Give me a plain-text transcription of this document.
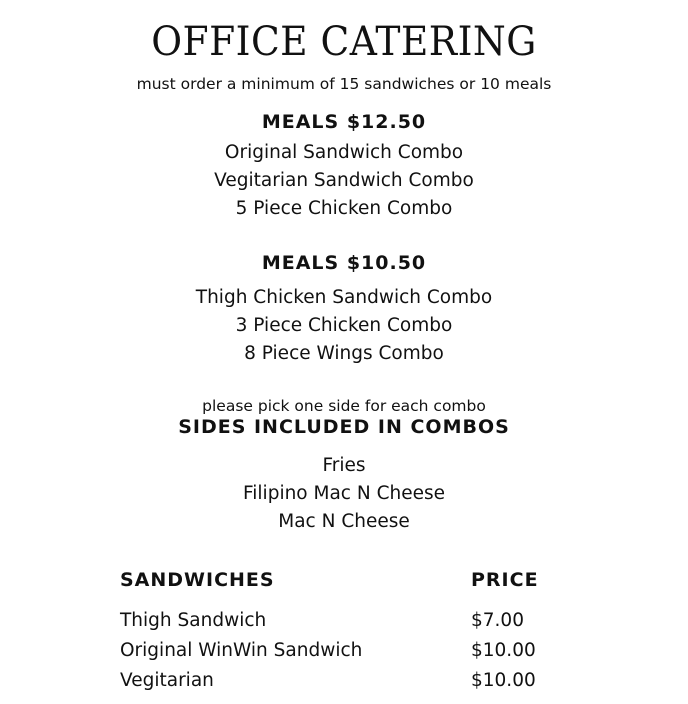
OFFICE CATERING
must order a minimum of 15 sandwiches or 10 meals
MEALS $12.50
Original Sandwich Combo
Vegitarian Sandwich Combo
5 Piece Chicken Combo
MEALS $10.50
Thigh Chicken Sandwich Combo
3 Piece Chicken Combo
8 Piece Wings Combo
please pick one side for each combo
SIDES INCLUDED IN COMBOS
Fries
Filipino Mac N Cheese
Mac N Cheese
SANDWICHES	PRICE
Thigh Sandwich	$7.00
Original WinWin Sandwich	$10.00
Vegitarian	$10.00
